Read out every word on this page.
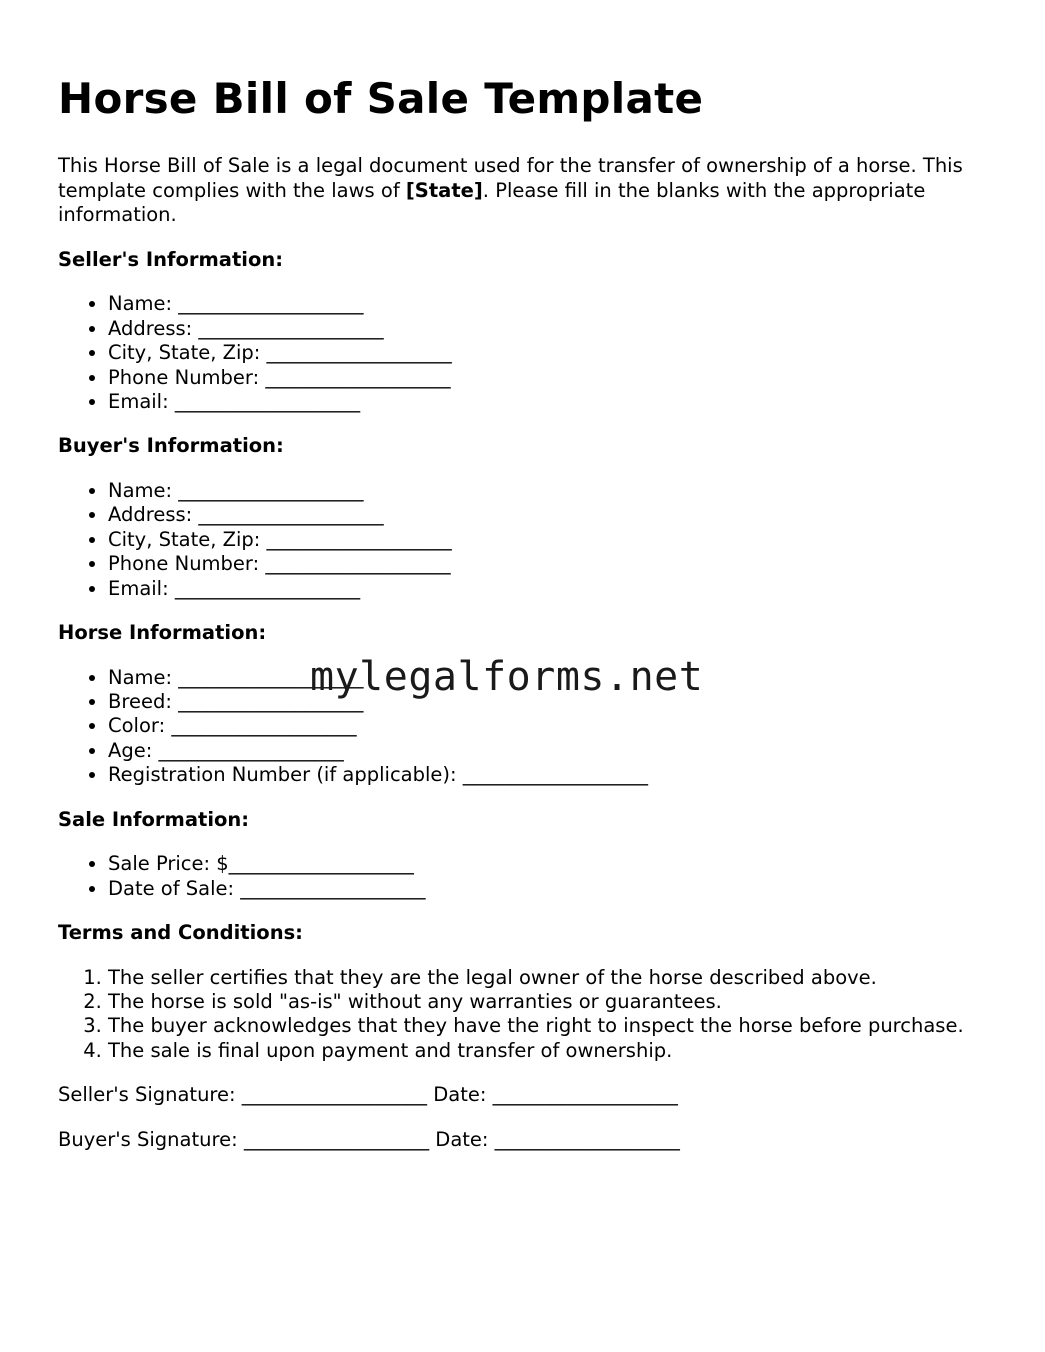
Horse Bill of Sale Template

This Horse Bill of Sale is a legal document used for the transfer of ownership of a horse. This template complies with the laws of [State]. Please fill in the blanks with the appropriate information.

Seller's Information:
• Name: ___________________
• Address: ___________________
• City, State, Zip: ___________________
• Phone Number: ___________________
• Email: ___________________
Buyer's Information:
• Name: ___________________
• Address: ___________________
• City, State, Zip: ___________________
• Phone Number: ___________________
• Email: ___________________
Horse Information:
• Name: ___________________
• Breed: ___________________
• Color: ___________________
• Age: ___________________
• Registration Number (if applicable): ___________________
Sale Information:
• Sale Price: $___________________
• Date of Sale: ___________________
Terms and Conditions:
1. The seller certifies that they are the legal owner of the horse described above.
2. The horse is sold "as-is" without any warranties or guarantees.
3. The buyer acknowledges that they have the right to inspect the horse before purchase.
4. The sale is final upon payment and transfer of ownership.

Seller's Signature: ___________________ Date: ___________________

Buyer's Signature: ___________________ Date: ___________________

mylegalforms.net
